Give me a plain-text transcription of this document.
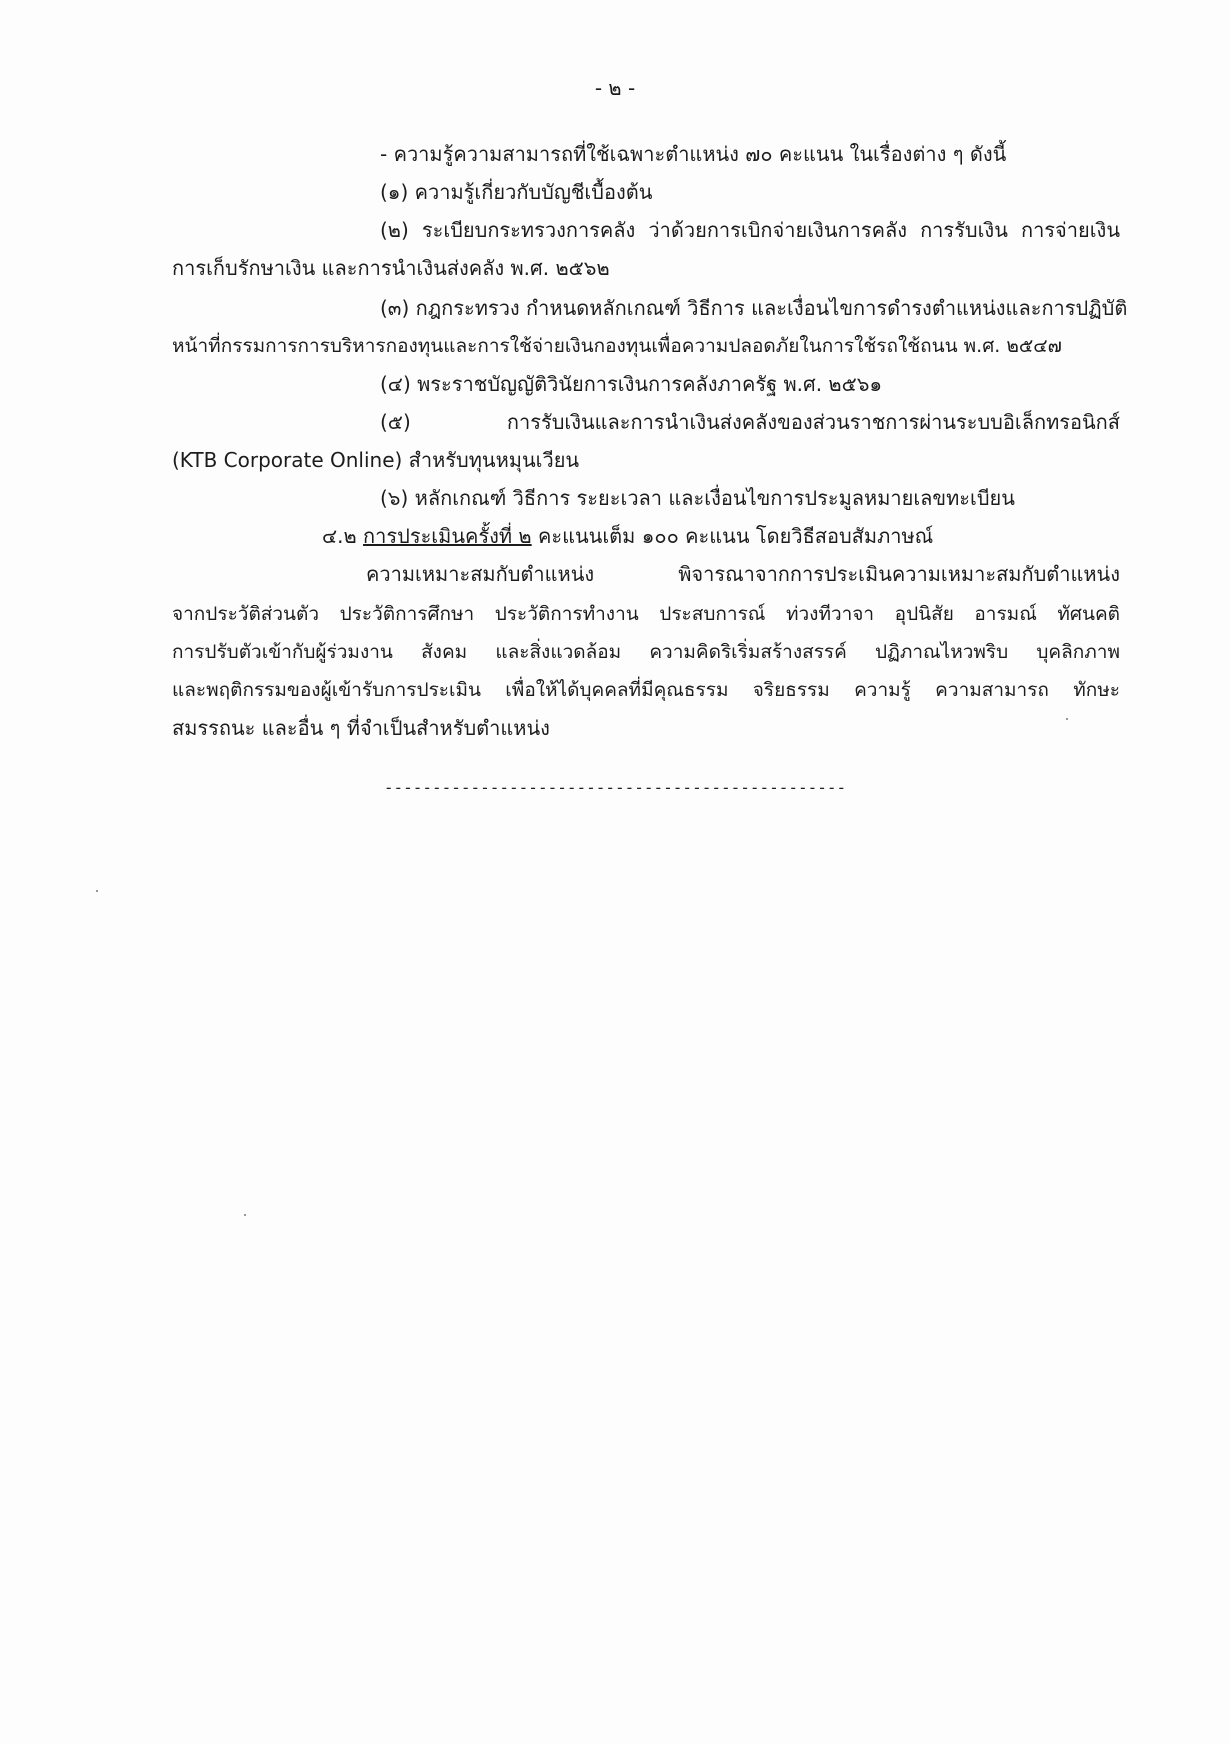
- ๒ -
- ความรู้ความสามารถที่ใช้เฉพาะตำแหน่ง ๗๐ คะแนน ในเรื่องต่าง ๆ ดังนี้
(๑) ความรู้เกี่ยวกับบัญชีเบื้องต้น
(๒) ระเบียบกระทรวงการคลัง ว่าด้วยการเบิกจ่ายเงินการคลัง การรับเงิน การจ่ายเงิน
การเก็บรักษาเงิน และการนำเงินส่งคลัง พ.ศ. ๒๕๖๒
(๓) กฎกระทรวง กำหนดหลักเกณฑ์ วิธีการ และเงื่อนไขการดำรงตำแหน่งและการปฏิบัติ
หน้าที่กรรมการการบริหารกองทุนและการใช้จ่ายเงินกองทุนเพื่อความปลอดภัยในการใช้รถใช้ถนน พ.ศ. ๒๕๔๗
(๔) พระราชบัญญัติวินัยการเงินการคลังภาครัฐ พ.ศ. ๒๕๖๑
(๕) การรับเงินและการนำเงินส่งคลังของส่วนราชการผ่านระบบอิเล็กทรอนิกส์
(KTB Corporate Online) สำหรับทุนหมุนเวียน
(๖) หลักเกณฑ์ วิธีการ ระยะเวลา และเงื่อนไขการประมูลหมายเลขทะเบียน
๔.๒ การประเมินครั้งที่ ๒ คะแนนเต็ม ๑๐๐ คะแนน โดยวิธีสอบสัมภาษณ์
ความเหมาะสมกับตำแหน่ง พิจารณาจากการประเมินความเหมาะสมกับตำแหน่ง
จากประวัติส่วนตัว ประวัติการศึกษา ประวัติการทำงาน ประสบการณ์ ท่วงทีวาจา อุปนิสัย อารมณ์ ทัศนคติ
การปรับตัวเข้ากับผู้ร่วมงาน สังคม และสิ่งแวดล้อม ความคิดริเริ่มสร้างสรรค์ ปฏิภาณไหวพริบ บุคลิกภาพ
และพฤติกรรมของผู้เข้ารับการประเมิน เพื่อให้ได้บุคคลที่มีคุณธรรม จริยธรรม ความรู้ ความสามารถ ทักษะ
สมรรถนะ และอื่น ๆ ที่จำเป็นสำหรับตำแหน่ง
------------------------------------------------
